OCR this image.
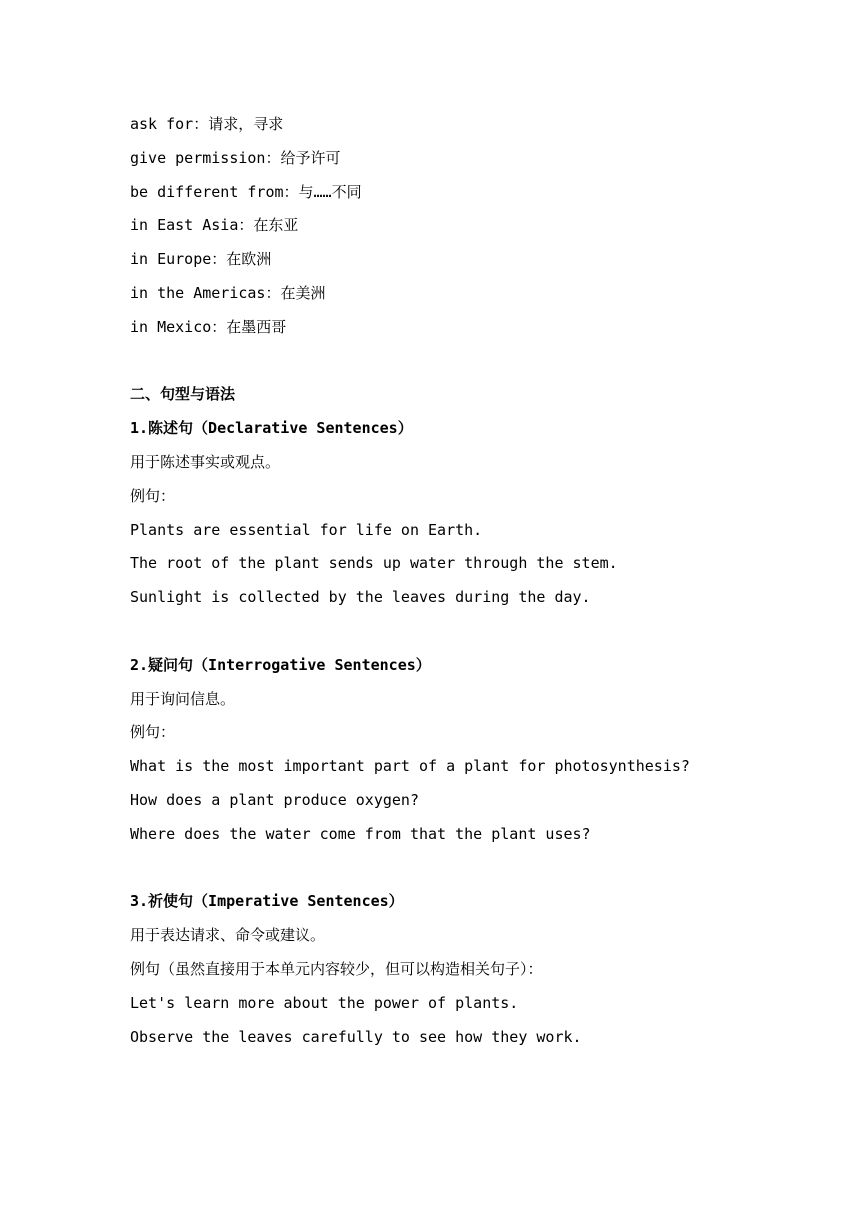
ask for：请求，寻求
give permission：给予许可
be different from：与……不同
in East Asia：在东亚
in Europe：在欧洲
in the Americas：在美洲
in Mexico：在墨西哥
二、句型与语法
1.陈述句（Declarative Sentences）
用于陈述事实或观点。
例句：
Plants are essential for life on Earth.
The root of the plant sends up water through the stem.
Sunlight is collected by the leaves during the day.
2.疑问句（Interrogative Sentences）
用于询问信息。
例句：
What is the most important part of a plant for photosynthesis?
How does a plant produce oxygen?
Where does the water come from that the plant uses?
3.祈使句（Imperative Sentences）
用于表达请求、命令或建议。
例句（虽然直接用于本单元内容较少，但可以构造相关句子）：
Let's learn more about the power of plants.
Observe the leaves carefully to see how they work.
